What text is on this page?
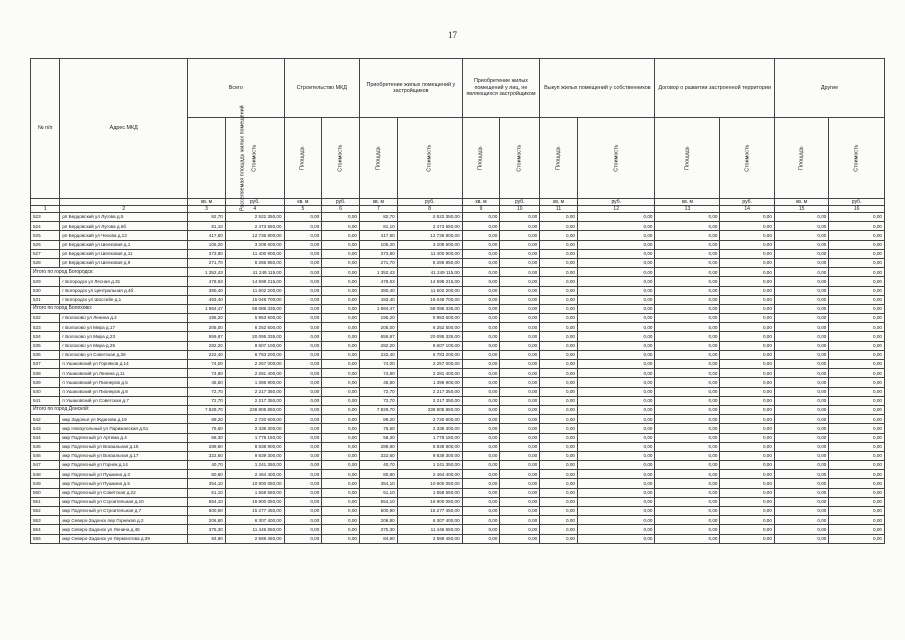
17
№ п/п	Адрес МКД	Всего		Строительство МКД		Приобретение жилых помещений у застройщиков		Приобретение жилых помещений у лиц, не являющихся застройщиком		Выкуп жилых помещений у собственников		Договор о развитии застроенной территории		Другие	
		Расселяемая площадь жилых помещений	Стоимость	Площадь	Стоимость	Площадь	Стоимость	Площадь	Стоимость	Площадь	Стоимость	Площадь	Стоимость	Площадь	Стоимость
		кв. м	руб.	кв. м	руб.	кв. м	руб.	кв. м	руб.	кв. м	руб.	кв. м	руб.	кв. м	руб.
1	2	3	4	5	6	7	8	9	10	11	12	13	14	15	16
523	рп Бердовский ул Лугова д.5	82,70	2 522 350,00	0,00	0,00	82,70	2 522 350,00	0,00	0,00	0,00	0,00	0,00	0,00	0,00	0,00
524	рп Бердовский ул Лугова д.5б	81,10	2 473 550,00	0,00	0,00	81,10	2 473 550,00	0,00	0,00	0,00	0,00	0,00	0,00	0,00	0,00
525	рп Бердовский ул Чехова д.13	417,60	12 736 800,00	0,00	0,00	417,60	12 736 800,00	0,00	0,00	0,00	0,00	0,00	0,00	0,00	0,00
526	рп Бердовский ул Шелковая д.1	105,20	3 208 600,00	0,00	0,00	105,20	3 208 600,00	0,00	0,00	0,00	0,00	0,00	0,00	0,00	0,00
527	рп Бердовский ул Шелковая д.11	373,80	11 400 900,00	0,00	0,00	373,80	11 400 900,00	0,00	0,00	0,00	0,00	0,00	0,00	0,00	0,00
528	рп Бердовский ул Шелковая д.9	271,70	8 286 850,00	0,00	0,00	271,70	8 286 850,00	0,00	0,00	0,00	0,00	0,00	0,00	0,00	0,00
Итого по город Богородск:		1 352,43	41 249 115,00	0,00	0,00	1 352,43	41 249 115,00	0,00	0,00	0,00	0,00	0,00	0,00	0,00	0,00
529	г Богородск ул Лесная д.31	478,63	14 598 215,00	0,00	0,00	478,63	14 598 215,00	0,00	0,00	0,00	0,00	0,00	0,00	0,00	0,00
530	г Богородск ул Центральная д.4б	380,40	11 602 200,00	0,00	0,00	380,40	11 602 200,00	0,00	0,00	0,00	0,00	0,00	0,00	0,00	0,00
531	г Богородск ул Шоссейн д.1	493,40	15 048 700,00	0,00	0,00	493,40	15 048 700,00	0,00	0,00	0,00	0,00	0,00	0,00	0,00	0,00
Итого по город Болохово:		1 984,47	58 086 335,00	0,00	0,00	1 984,47	58 086 335,00	0,00	0,00	0,00	0,00	0,00	0,00	0,00	0,00
532	г Болохово ул Ленина д.2	195,20	5 953 600,00	0,00	0,00	195,20	5 953 600,00	0,00	0,00	0,00	0,00	0,00	0,00	0,00	0,00
533	г Болохово ул Мира д.17	205,00	6 252 500,00	0,00	0,00	205,00	6 252 500,00	0,00	0,00	0,00	0,00	0,00	0,00	0,00	0,00
534	г Болохово ул Мира д.23	659,87	20 095 335,00	0,00	0,00	659,87	20 095 335,00	0,00	0,00	0,00	0,00	0,00	0,00	0,00	0,00
535	г Болохово ул Мира д.25	282,20	8 607 100,00	0,00	0,00	282,20	8 607 100,00	0,00	0,00	0,00	0,00	0,00	0,00	0,00	0,00
536	г Болохово ул Советская д.36	222,40	6 783 200,00	0,00	0,00	222,40	6 783 200,00	0,00	0,00	0,00	0,00	0,00	0,00	0,00	0,00
537	п Ушаковский ул Горняков д.14	74,00	2 257 000,00	0,00	0,00	74,00	2 257 000,00	0,00	0,00	0,00	0,00	0,00	0,00	0,00	0,00
538	п Ушаковский ул Ленина д.11	74,80	2 281 400,00	0,00	0,00	74,80	2 281 400,00	0,00	0,00	0,00	0,00	0,00	0,00	0,00	0,00
539	п Ушаковский ул Пионеров д.5	45,80	1 396 900,00	0,00	0,00	45,80	1 396 900,00	0,00	0,00	0,00	0,00	0,00	0,00	0,00	0,00
540	п Ушаковский ул Пионеров д.8	72,70	2 217 350,00	0,00	0,00	72,70	2 217 350,00	0,00	0,00	0,00	0,00	0,00	0,00	0,00	0,00
541	п Ушаковский ул Советская д.7	72,70	2 217 350,00	0,00	0,00	72,70	2 217 350,00	0,00	0,00	0,00	0,00	0,00	0,00	0,00	0,00
Итого по город Донской:		7 829,70	238 805 850,00	0,00	0,00	7 829,70	238 805 850,00	0,00	0,00	0,00	0,00	0,00	0,00	0,00	0,00
542	мкр Задонье ул Жданова д.19	89,20	2 720 600,00	0,00	0,00	89,20	2 720 600,00	0,00	0,00	0,00	0,00	0,00	0,00	0,00	0,00
543	мкр Новоугольный ул Парижанская д.51	76,60	2 336 300,00	0,00	0,00	76,60	2 336 300,00	0,00	0,00	0,00	0,00	0,00	0,00	0,00	0,00
544	мкр Подлесный ул Артема д.4	58,30	1 778 150,00	0,00	0,00	58,30	1 778 150,00	0,00	0,00	0,00	0,00	0,00	0,00	0,00	0,00
545	мкр Подлесный ул Вокзальная д.15	289,80	8 838 900,00	0,00	0,00	289,80	8 838 900,00	0,00	0,00	0,00	0,00	0,00	0,00	0,00	0,00
546	мкр Подлесный ул Вокзальная д.17	322,60	9 839 300,00	0,00	0,00	322,60	9 839 300,00	0,00	0,00	0,00	0,00	0,00	0,00	0,00	0,00
547	мкр Подлесный ул Горняк д.14	40,70	1 241 350,00	0,00	0,00	40,70	1 241 350,00	0,00	0,00	0,00	0,00	0,00	0,00	0,00	0,00
548	мкр Подлесный ул Пушкина д.3	80,80	2 464 400,00	0,00	0,00	80,80	2 464 400,00	0,00	0,00	0,00	0,00	0,00	0,00	0,00	0,00
549	мкр Подлесный ул Пушкина д.5	354,10	10 800 050,00	0,00	0,00	354,10	10 800 050,00	0,00	0,00	0,00	0,00	0,00	0,00	0,00	0,00
550	мкр Подлесный ул Советская д.22	51,10	1 558 550,00	0,00	0,00	51,10	1 558 550,00	0,00	0,00	0,00	0,00	0,00	0,00	0,00	0,00
551	мкр Подлесный ул Строительная д.10	554,10	16 900 050,00	0,00	0,00	554,10	16 900 050,00	0,00	0,00	0,00	0,00	0,00	0,00	0,00	0,00
552	мкр Подлесный ул Строительная д.7	500,90	15 277 450,00	0,00	0,00	500,90	15 277 450,00	0,00	0,00	0,00	0,00	0,00	0,00	0,00	0,00
553	мкр Северо-Задонск пер Горняков д.2	206,80	6 307 400,00	0,00	0,00	206,80	6 307 400,00	0,00	0,00	0,00	0,00	0,00	0,00	0,00	0,00
554	мкр Северо-Задонск ул Ленина д.46	375,30	11 446 650,00	0,00	0,00	375,30	11 446 650,00	0,00	0,00	0,00	0,00	0,00	0,00	0,00	0,00
555	мкр Северо-Задонск ул Лермонтова д.39	84,90	2 589 450,00	0,00	0,00	84,90	2 589 450,00	0,00	0,00	0,00	0,00	0,00	0,00	0,00	0,00
